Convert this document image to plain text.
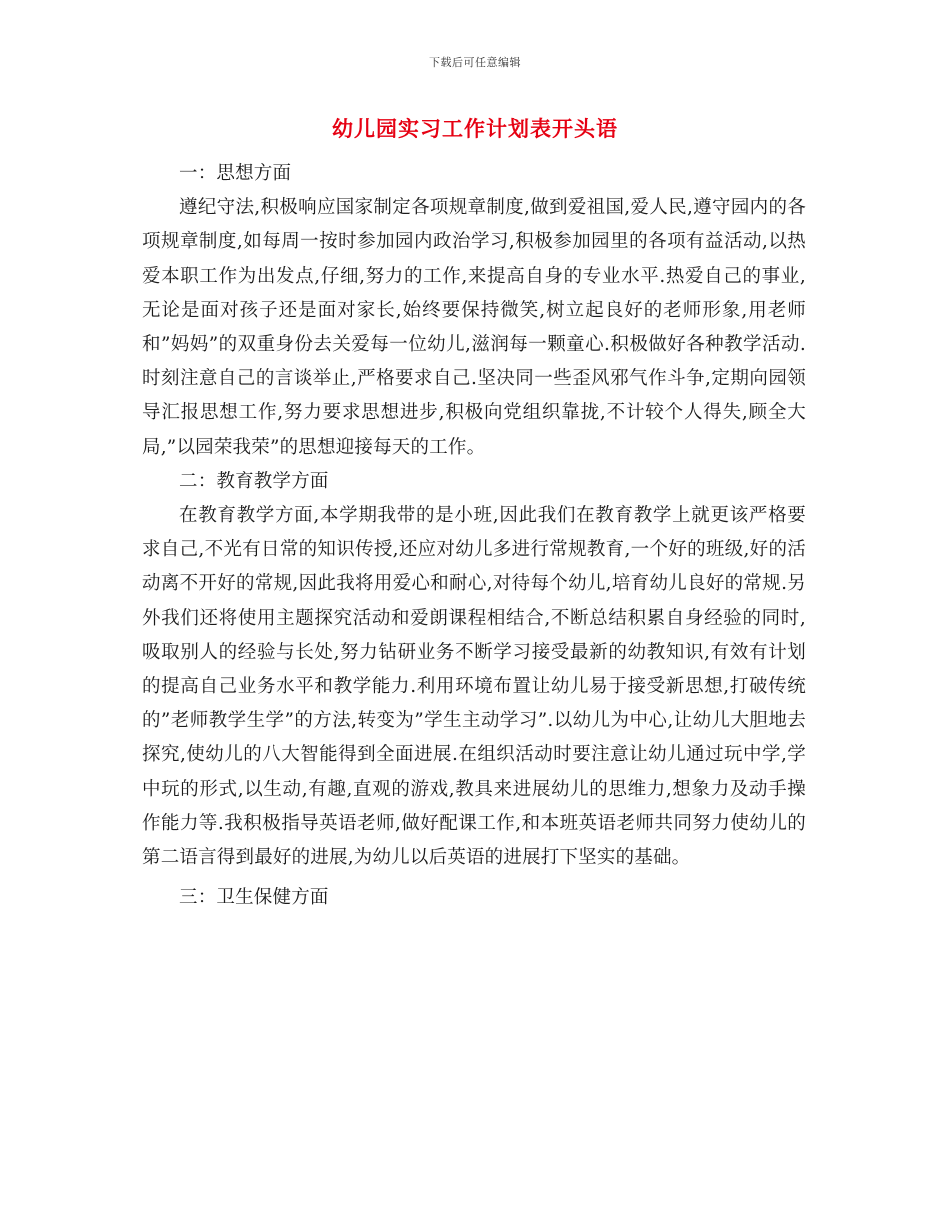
下载后可任意编辑
幼儿园实习工作计划表开头语

一：思想方面

遵纪守法,积极响应国家制定各项规章制度,做到爱祖国,爱人民,遵守园内的各项规章制度,如每周一按时参加园内政治学习,积极参加园里的各项有益活动,以热爱本职工作为出发点,仔细,努力的工作,来提高自身的专业水平.热爱自己的事业,无论是面对孩子还是面对家长,始终要保持微笑,树立起良好的老师形象,用老师和”妈妈”的双重身份去关爱每一位幼儿,滋润每一颗童心.积极做好各种教学活动.时刻注意自己的言谈举止,严格要求自己.坚决同一些歪风邪气作斗争,定期向园领导汇报思想工作,努力要求思想进步,积极向党组织靠拢,不计较个人得失,顾全大局,”以园荣我荣”的思想迎接每天的工作。

二：教育教学方面

在教育教学方面,本学期我带的是小班,因此我们在教育教学上就更该严格要求自己,不光有日常的知识传授,还应对幼儿多进行常规教育,一个好的班级,好的活动离不开好的常规,因此我将用爱心和耐心,对待每个幼儿,培育幼儿良好的常规.另外我们还将使用主题探究活动和爱朗课程相结合,不断总结积累自身经验的同时,吸取别人的经验与长处,努力钻研业务不断学习接受最新的幼教知识,有效有计划的提高自己业务水平和教学能力.利用环境布置让幼儿易于接受新思想,打破传统的”老师教学生学”的方法,转变为”学生主动学习”.以幼儿为中心,让幼儿大胆地去探究,使幼儿的八大智能得到全面进展.在组织活动时要注意让幼儿通过玩中学,学中玩的形式,以生动,有趣,直观的游戏,教具来进展幼儿的思维力,想象力及动手操作能力等.我积极指导英语老师,做好配课工作,和本班英语老师共同努力使幼儿的第二语言得到最好的进展,为幼儿以后英语的进展打下坚实的基础。

三：卫生保健方面
